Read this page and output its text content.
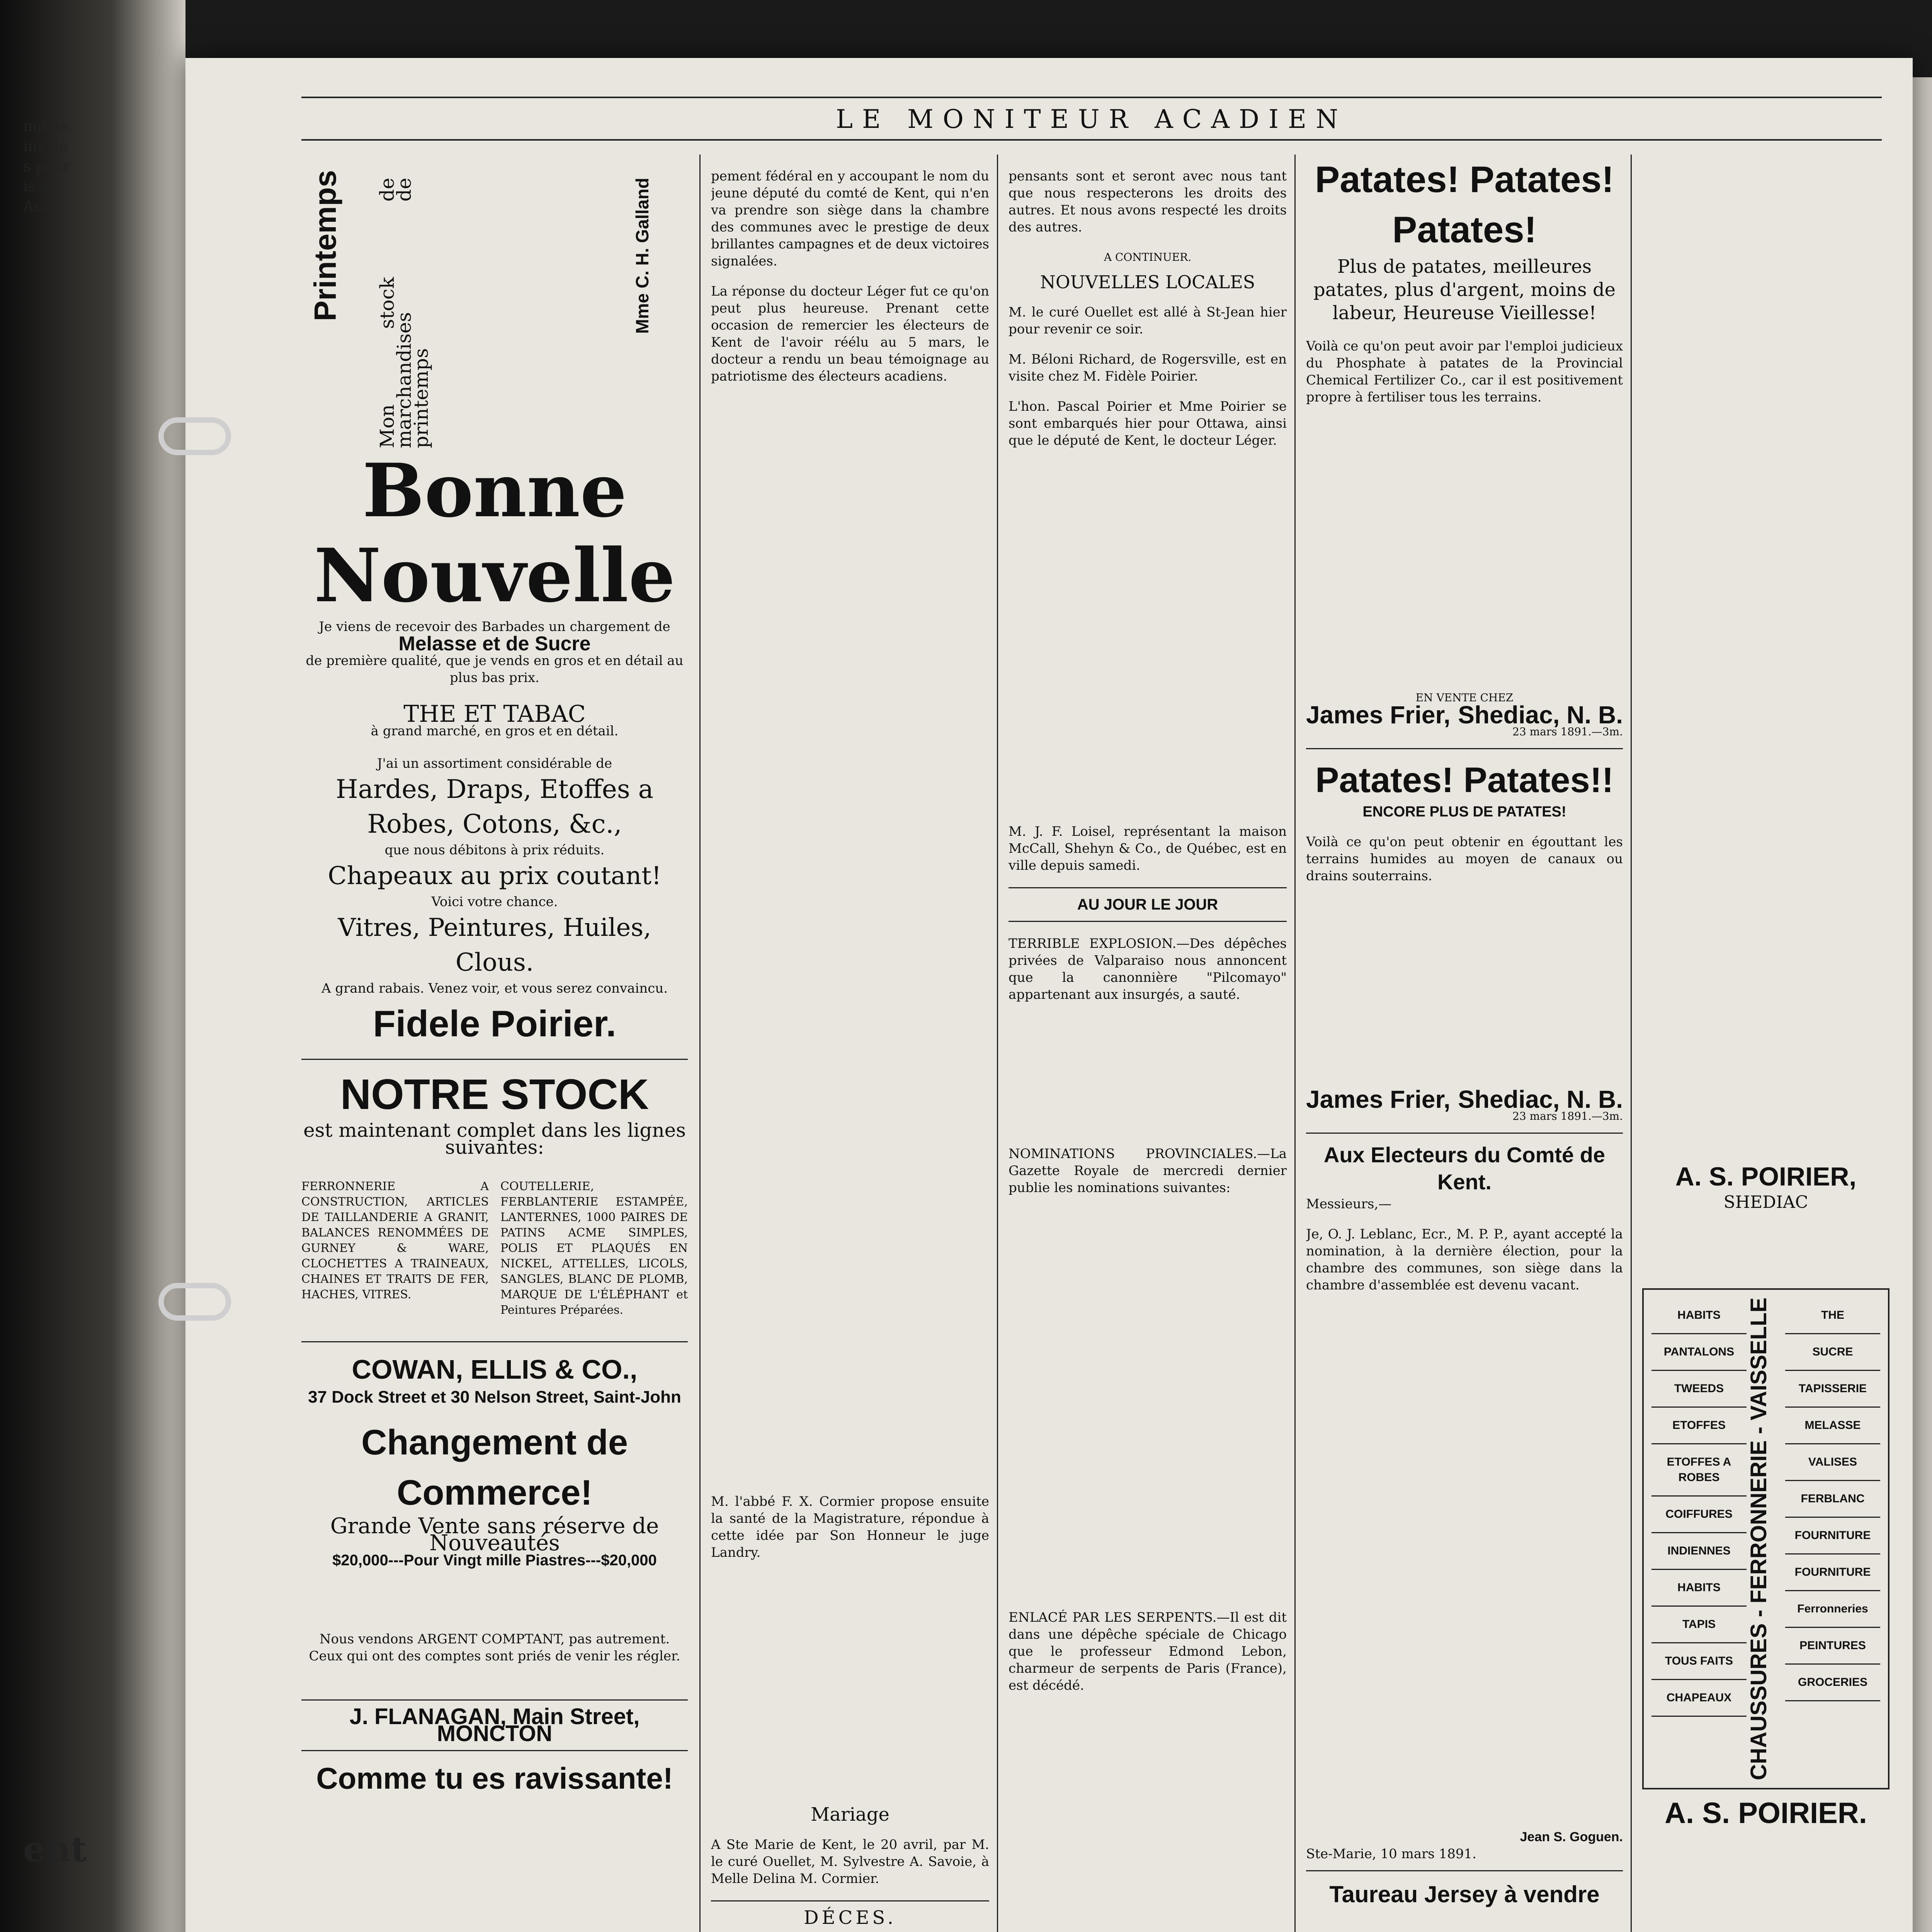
nglais,
ins de
s pour
is à
Aca-
ent
LE MONITEUR ACADIEN
Printemps Mon stock de marchandises de printemps
Mme C. H. Galland
Bonne Nouvelle
Je viens de recevoir des Barbades un chargement de
Melasse et de Sucre
de première qualité, que je vends en gros et en détail au plus bas prix.
THE ET TABAC
à grand marché, en gros et en détail.
J'ai un assortiment considérable de
Hardes, Draps, Etoffes a Robes, Cotons, &c.,
que nous débitons à prix réduits.
Chapeaux au prix coutant!
Voici votre chance.
Vitres, Peintures, Huiles, Clous.
A grand rabais. Venez voir, et vous serez convaincu.
Fidele Poirier.
NOTRE STOCK
est maintenant complet dans les lignes suivantes:
FERRONNERIE A CONSTRUCTION, ARTICLES DE TAILLANDERIE A GRANIT, BALANCES RENOMMÉES DE GURNEY & WARE, CLOCHETTES A TRAINEAUX, CHAINES ET TRAITS DE FER, HACHES, VITRES.
COUTELLERIE, FERBLANTERIE ESTAMPÉE, LANTERNES, 1000 PAIRES DE PATINS ACME SIMPLES, POLIS ET PLAQUÉS EN NICKEL, ATTELLES, LICOLS, SANGLES, BLANC DE PLOMB, MARQUE DE L'ÉLÉPHANT et Peintures Préparées.
COWAN, ELLIS & CO.,
37 Dock Street et 30 Nelson Street, Saint-John
Changement de Commerce!
Grande Vente sans réserve de Nouveautés
$20,000---Pour Vingt mille Piastres---$20,000
Nous vendons ARGENT COMPTANT, pas autrement.
Ceux qui ont des comptes sont priés de venir les régler.
J. FLANAGAN, Main Street, MONCTON
Comme tu es ravissante!

pement fédéral en y accoupant le nom du jeune député du comté de Kent, qui n'en va prendre son siège dans la chambre des communes avec le prestige de deux brillantes campagnes et de deux victoires signalées.

La réponse du docteur Léger fut ce qu'on peut plus heureuse. Prenant cette occasion de remercier les électeurs de Kent de l'avoir réélu au 5 mars, le docteur a rendu un beau témoignage au patriotisme des électeurs acadiens.

M. l'abbé F. X. Cormier propose ensuite la santé de la Magistrature, répondue à cette idée par Son Honneur le juge Landry.

Mariage

A Ste Marie de Kent, le 20 avril, par M. le curé Ouellet, M. Sylvestre A. Savoie, à Melle Delina M. Cormier.

DÉCES.

pensants sont et seront avec nous tant que nous respecterons les droits des autres. Et nous avons respecté les droits des autres.

A CONTINUER.
NOUVELLES LOCALES

M. le curé Ouellet est allé à St-Jean hier pour revenir ce soir.

M. Béloni Richard, de Rogersville, est en visite chez M. Fidèle Poirier.

L'hon. Pascal Poirier et Mme Poirier se sont embarqués hier pour Ottawa, ainsi que le député de Kent, le docteur Léger.

M. J. F. Loisel, représentant la maison McCall, Shehyn & Co., de Québec, est en ville depuis samedi.

AU JOUR LE JOUR

TERRIBLE EXPLOSION.—Des dépêches privées de Valparaiso nous annoncent que la canonnière "Pilcomayo" appartenant aux insurgés, a sauté.

NOMINATIONS PROVINCIALES.—La Gazette Royale de mercredi dernier publie les nominations suivantes:

ENLACÉ PAR LES SERPENTS.—Il est dit dans une dépêche spéciale de Chicago que le professeur Edmond Lebon, charmeur de serpents de Paris (France), est décédé.

Patates! Patates! Patates!
Plus de patates, meilleures patates, plus d'argent, moins de labeur, Heureuse Vieillesse!

Voilà ce qu'on peut avoir par l'emploi judicieux du Phosphate à patates de la Provincial Chemical Fertilizer Co., car il est positivement propre à fertiliser tous les terrains.

EN VENTE CHEZ
James Frier, Shediac, N. B.
23 mars 1891.—3m.
Patates! Patates!!
ENCORE PLUS DE PATATES!

Voilà ce qu'on peut obtenir en égouttant les terrains humides au moyen de canaux ou drains souterrains.

James Frier, Shediac, N. B.
23 mars 1891.—3m.
Aux Electeurs du Comté de Kent.
Messieurs,—

Je, O. J. Leblanc, Ecr., M. P. P., ayant accepté la nomination, à la dernière élection, pour la chambre des communes, son siège dans la chambre d'assemblée est devenu vacant.

Jean S. Goguen.
Ste-Marie, 10 mars 1891.
Taureau Jersey à vendre
A. S. POIRIER,
SHEDIAC
HABITS
PANTALONS
TWEEDS
ETOFFES
ETOFFES A ROBES
COIFFURES
INDIENNES
HABITS
TAPIS
TOUS FAITS
CHAPEAUX CHAUSSURES - FERRONNERIE - VAISSELLE	THE
SUCRE
TAPISSERIE
MELASSE
VALISES
FERBLANC
FOURNITURE
FOURNITURE
Ferronneries
PEINTURES
GROCERIES
A. S. POIRIER.
